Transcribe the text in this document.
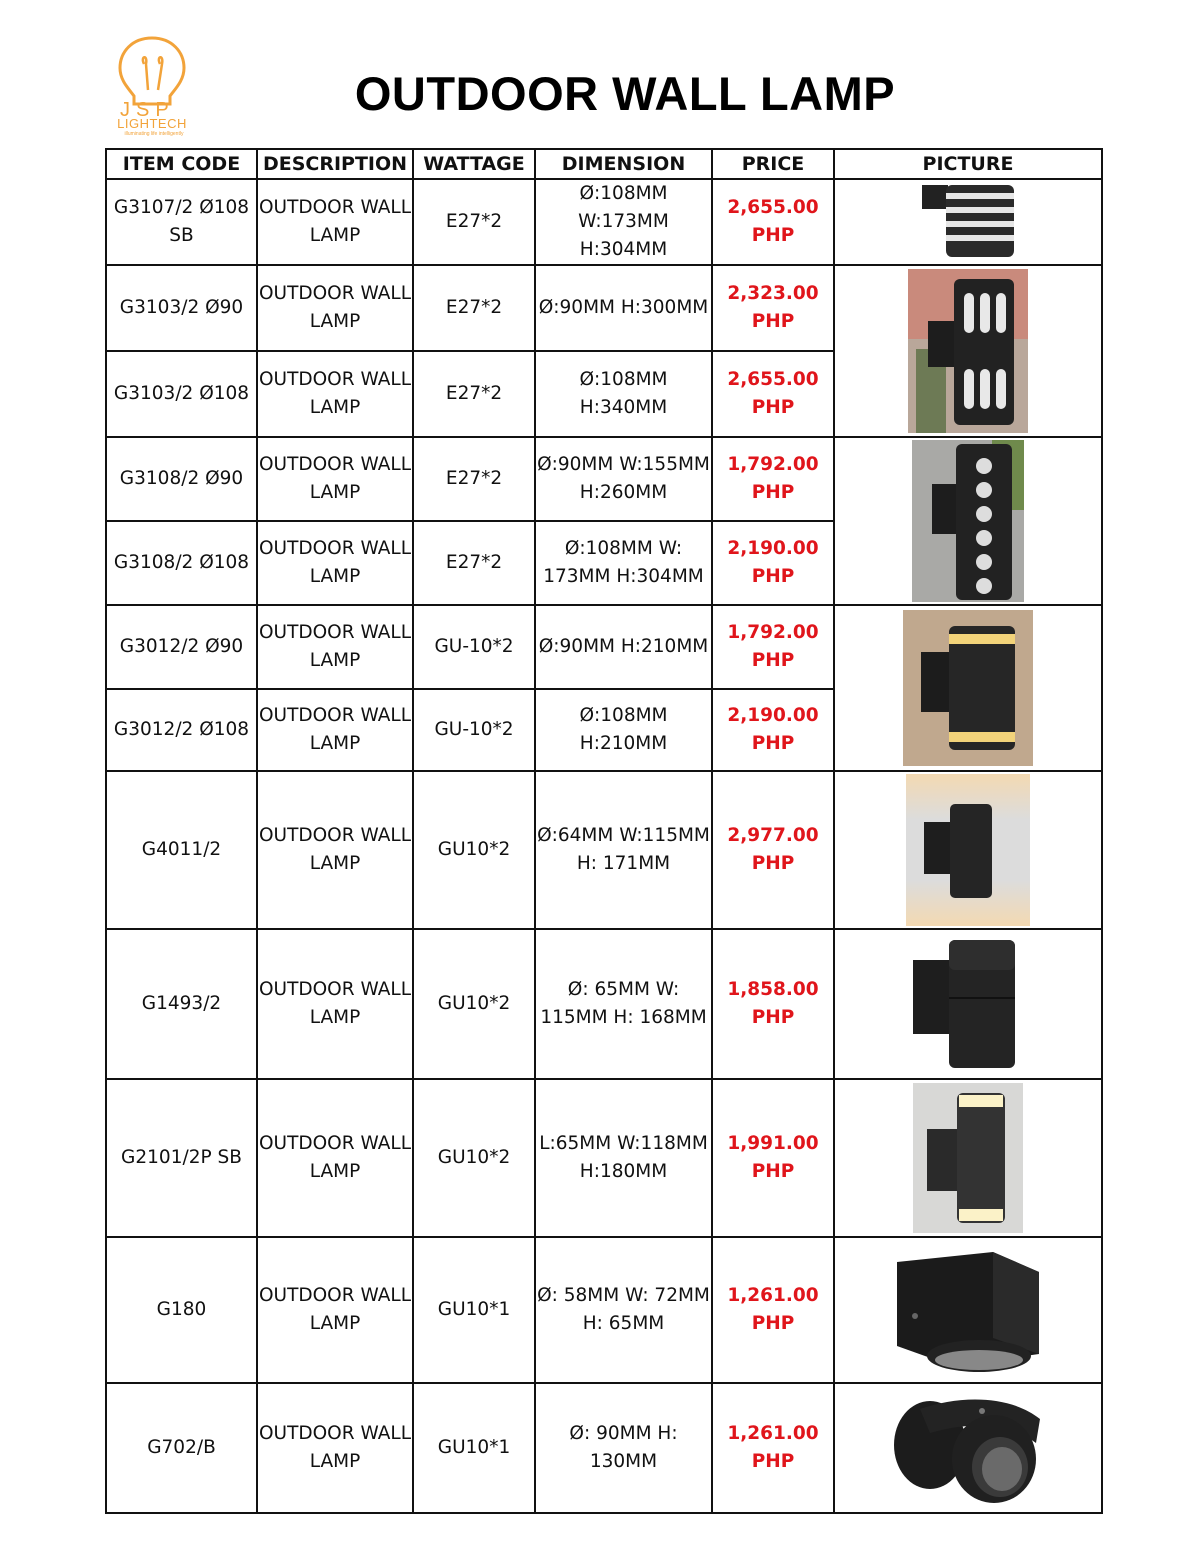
JSP
LIGHTECH
illuminating life intelligently
OUTDOOR WALL LAMP
ITEM CODE	DESCRIPTION	WATTAGE	DIMENSION	PRICE	PICTURE
G3107/2 Ø108 SB	OUTDOOR WALL LAMP	E27*2	Ø:108MM W:173MM H:304MM	2,655.00 PHP	

G3103/2 Ø90	OUTDOOR WALL LAMP	E27*2	Ø:90MM H:300MM	2,323.00 PHP	

G3103/2 Ø108	OUTDOOR WALL LAMP	E27*2	Ø:108MM H:340MM	2,655.00 PHP	
G3108/2 Ø90	OUTDOOR WALL LAMP	E27*2	Ø:90MM W:155MM H:260MM	1,792.00 PHP	

G3108/2 Ø108	OUTDOOR WALL LAMP	E27*2	Ø:108MM W: 173MM H:304MM	2,190.00 PHP	
G3012/2 Ø90	OUTDOOR WALL LAMP	GU-10*2	Ø:90MM H:210MM	1,792.00 PHP	

G3012/2 Ø108	OUTDOOR WALL LAMP	GU-10*2	Ø:108MM H:210MM	2,190.00 PHP	
G4011/2	OUTDOOR WALL LAMP	GU10*2	Ø:64MM W:115MM H: 171MM	2,977.00 PHP	

G1493/2	OUTDOOR WALL LAMP	GU10*2	Ø: 65MM W: 115MM H: 168MM	1,858.00 PHP	

G2101/2P SB	OUTDOOR WALL LAMP	GU10*2	L:65MM W:118MM H:180MM	1,991.00 PHP	

G180	OUTDOOR WALL LAMP	GU10*1	Ø: 58MM W: 72MM H: 65MM	1,261.00 PHP	

G702/B	OUTDOOR WALL LAMP	GU10*1	Ø: 90MM H: 130MM	1,261.00 PHP	
